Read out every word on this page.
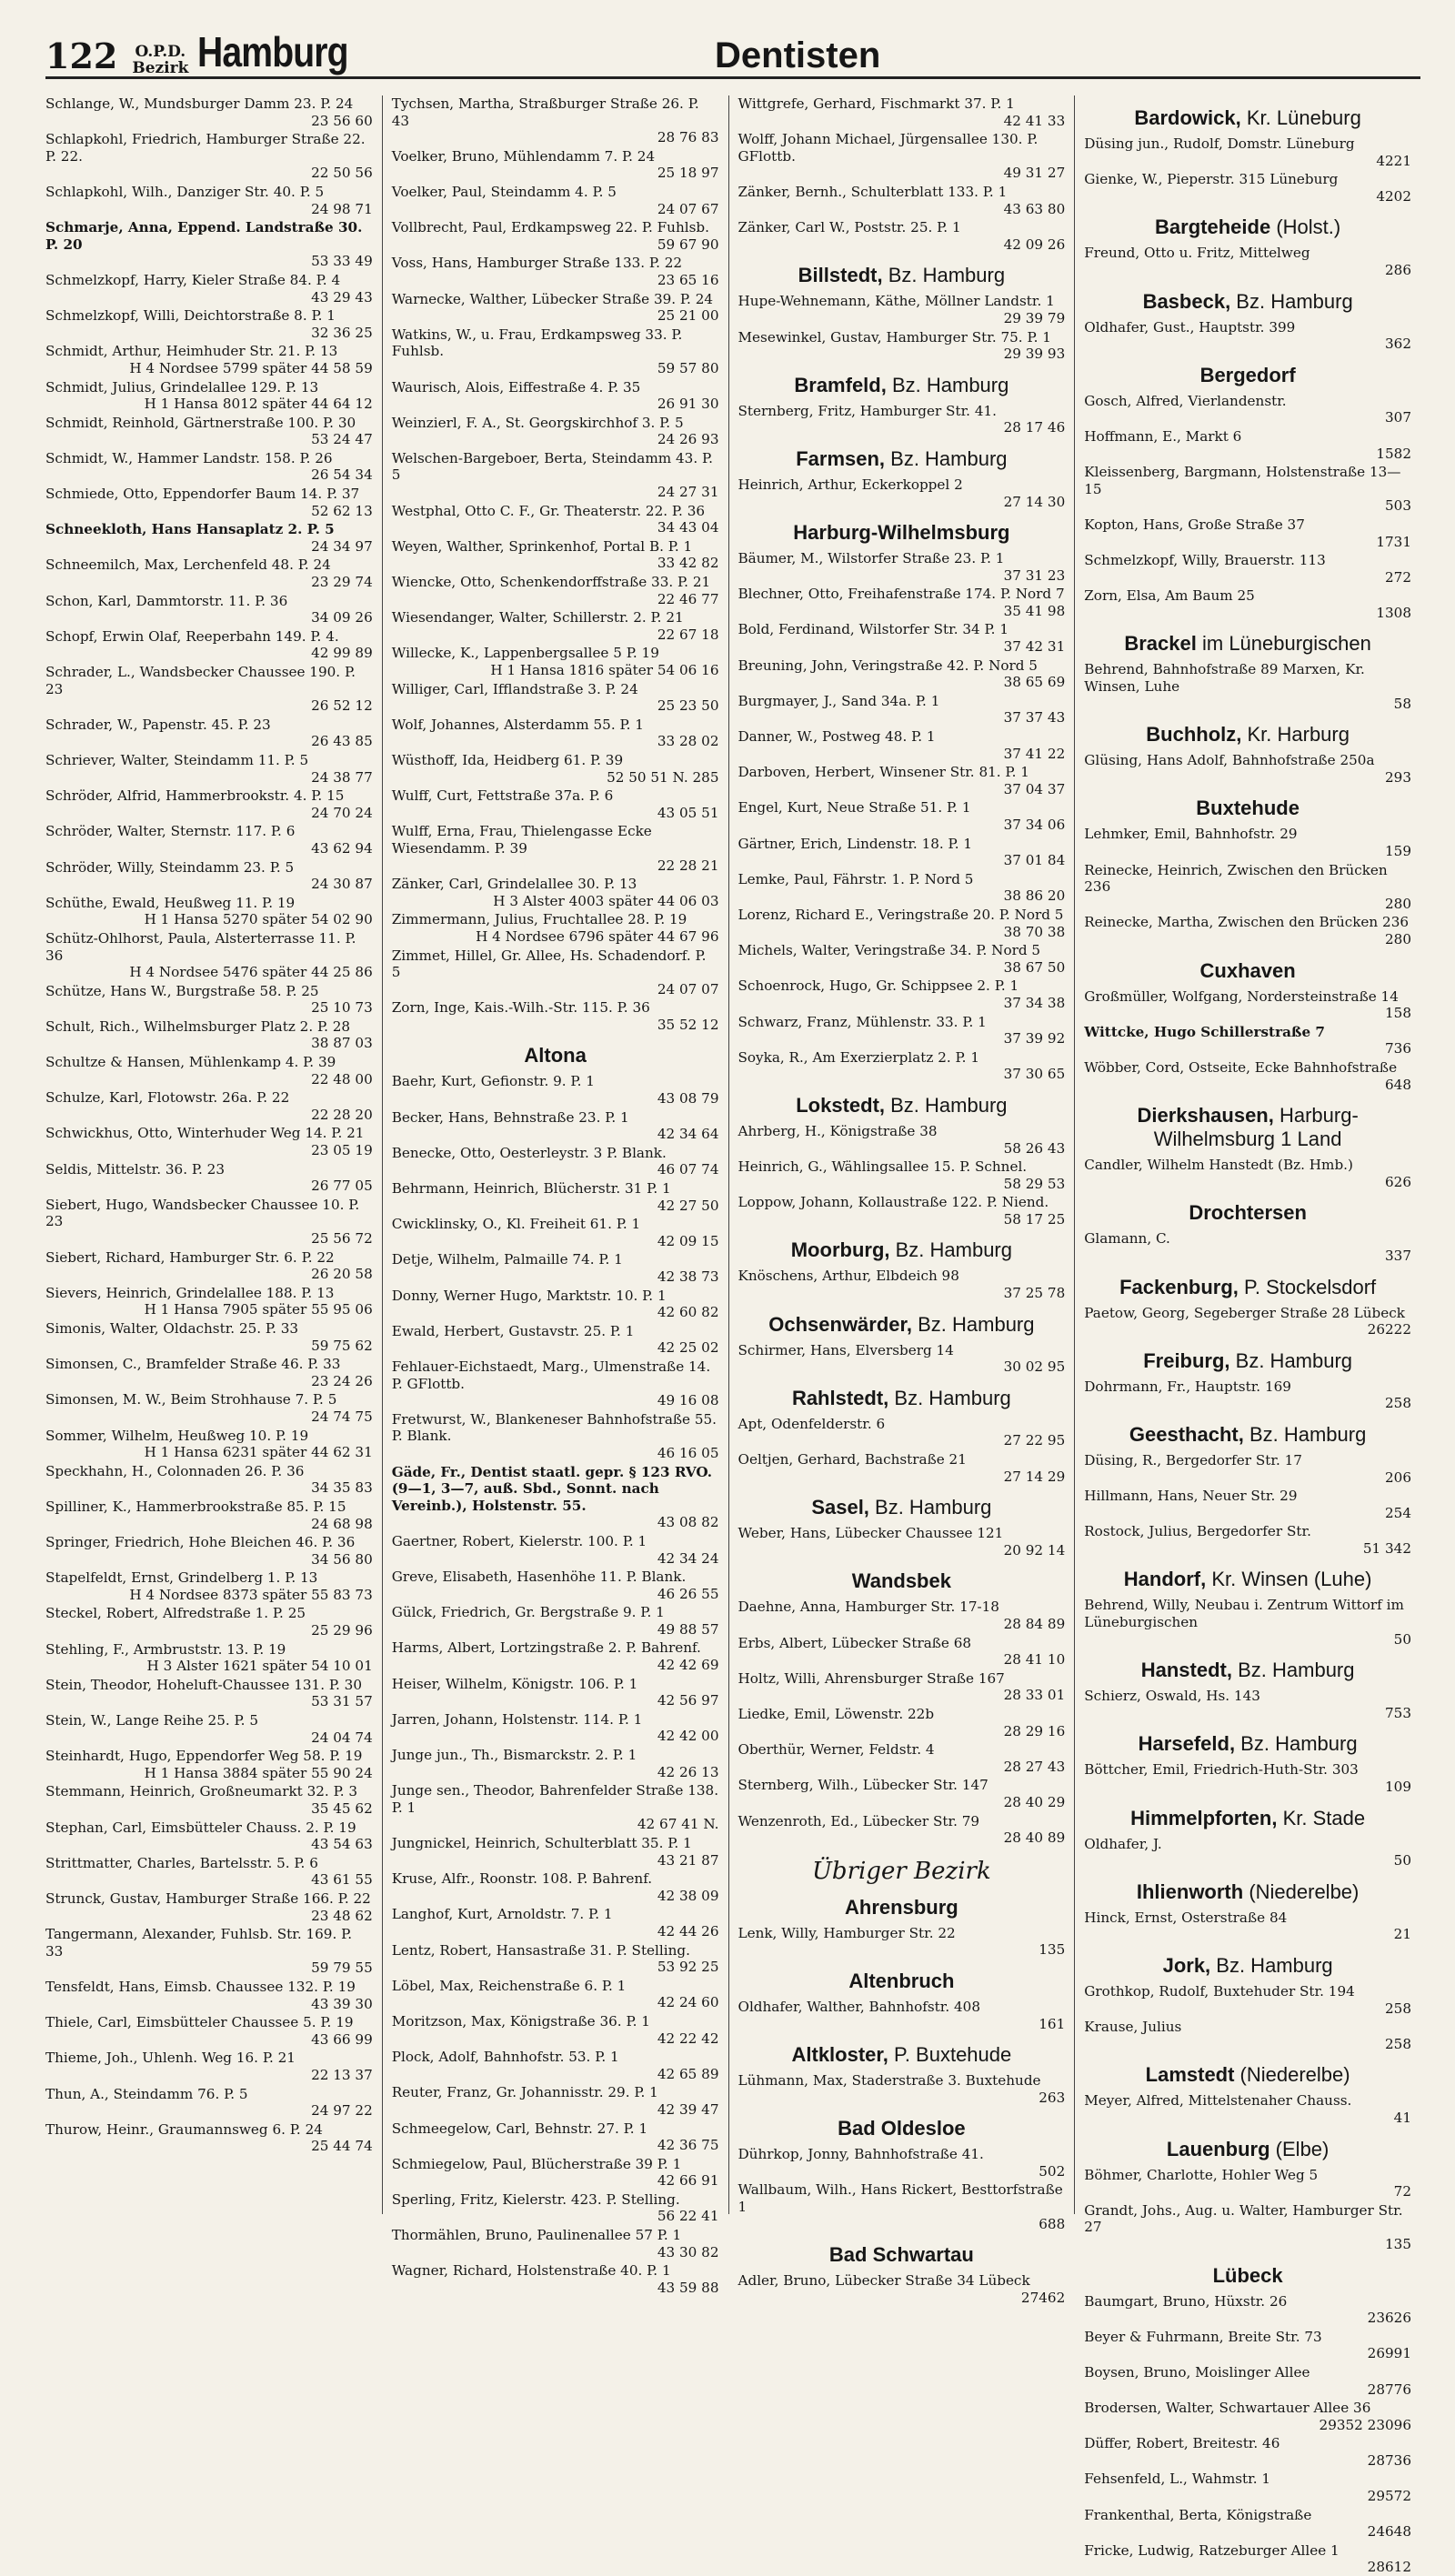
122 O.P.D.
Bezirk Hamburg	Dentisten
Schlange, W., Mundsburger Damm 23. P. 24
23 56 60
Schlapkohl, Friedrich, Hamburger Straße 22. P. 22.
22 50 56
Schlapkohl, Wilh., Danziger Str. 40. P. 5
24 98 71
Schmarje, Anna, Eppend. Landstraße 30. P. 20
53 33 49
Schmelzkopf, Harry, Kieler Straße 84. P. 4
43 29 43
Schmelzkopf, Willi, Deichtorstraße 8. P. 1
32 36 25
Schmidt, Arthur, Heimhuder Str. 21. P. 13
H 4 Nordsee 5799 später 44 58 59
Schmidt, Julius, Grindelallee 129. P. 13
H 1 Hansa 8012 später 44 64 12
Schmidt, Reinhold, Gärtnerstraße 100. P. 30
53 24 47
Schmidt, W., Hammer Landstr. 158. P. 26
26 54 34
Schmiede, Otto, Eppendorfer Baum 14. P. 37
52 62 13
Schneekloth, Hans Hansaplatz 2. P. 5
24 34 97
Schneemilch, Max, Lerchenfeld 48. P. 24
23 29 74
Schon, Karl, Dammtorstr. 11. P. 36
34 09 26
Schopf, Erwin Olaf, Reeperbahn 149. P. 4.
42 99 89
Schrader, L., Wandsbecker Chaussee 190. P. 23
26 52 12
Schrader, W., Papenstr. 45. P. 23
26 43 85
Schriever, Walter, Steindamm 11. P. 5
24 38 77
Schröder, Alfrid, Hammerbrookstr. 4. P. 15
24 70 24
Schröder, Walter, Sternstr. 117. P. 6
43 62 94
Schröder, Willy, Steindamm 23. P. 5
24 30 87
Schüthe, Ewald, Heußweg 11. P. 19
H 1 Hansa 5270 später 54 02 90
Schütz-Ohlhorst, Paula, Alsterterrasse 11. P. 36
H 4 Nordsee 5476 später 44 25 86
Schütze, Hans W., Burgstraße 58. P. 25
25 10 73
Schult, Rich., Wilhelmsburger Platz 2. P. 28
38 87 03
Schultze & Hansen, Mühlenkamp 4. P. 39
22 48 00
Schulze, Karl, Flotowstr. 26a. P. 22
22 28 20
Schwickhus, Otto, Winterhuder Weg 14. P. 21
23 05 19
Seldis, Mittelstr. 36. P. 23
26 77 05
Siebert, Hugo, Wandsbecker Chaussee 10. P. 23
25 56 72
Siebert, Richard, Hamburger Str. 6. P. 22
26 20 58
Sievers, Heinrich, Grindelallee 188. P. 13
H 1 Hansa 7905 später 55 95 06
Simonis, Walter, Oldachstr. 25. P. 33
59 75 62
Simonsen, C., Bramfelder Straße 46. P. 33
23 24 26
Simonsen, M. W., Beim Strohhause 7. P. 5
24 74 75
Sommer, Wilhelm, Heußweg 10. P. 19
H 1 Hansa 6231 später 44 62 31
Speckhahn, H., Colonnaden 26. P. 36
34 35 83
Spilliner, K., Hammerbrookstraße 85. P. 15
24 68 98
Springer, Friedrich, Hohe Bleichen 46. P. 36
34 56 80
Stapelfeldt, Ernst, Grindelberg 1. P. 13
H 4 Nordsee 8373 später 55 83 73
Steckel, Robert, Alfredstraße 1. P. 25
25 29 96
Stehling, F., Armbruststr. 13. P. 19
H 3 Alster 1621 später 54 10 01
Stein, Theodor, Hoheluft-Chaussee 131. P. 30
53 31 57
Stein, W., Lange Reihe 25. P. 5
24 04 74
Steinhardt, Hugo, Eppendorfer Weg 58. P. 19
H 1 Hansa 3884 später 55 90 24
Stemmann, Heinrich, Großneumarkt 32. P. 3
35 45 62
Stephan, Carl, Eimsbütteler Chauss. 2. P. 19
43 54 63
Strittmatter, Charles, Bartelsstr. 5. P. 6
43 61 55
Strunck, Gustav, Hamburger Straße 166. P. 22
23 48 62
Tangermann, Alexander, Fuhlsb. Str. 169. P. 33
59 79 55
Tensfeldt, Hans, Eimsb. Chaussee 132. P. 19
43 39 30
Thiele, Carl, Eimsbütteler Chaussee 5. P. 19
43 66 99
Thieme, Joh., Uhlenh. Weg 16. P. 21
22 13 37
Thun, A., Steindamm 76. P. 5
24 97 22
Thurow, Heinr., Graumannsweg 6. P. 24
25 44 74
Tychsen, Martha, Straßburger Straße 26. P. 43
28 76 83
Voelker, Bruno, Mühlendamm 7. P. 24
25 18 97
Voelker, Paul, Steindamm 4. P. 5
24 07 67
Vollbrecht, Paul, Erdkampsweg 22. P. Fuhlsb.
59 67 90
Voss, Hans, Hamburger Straße 133. P. 22
23 65 16
Warnecke, Walther, Lübecker Straße 39. P. 24
25 21 00
Watkins, W., u. Frau, Erdkampsweg 33. P. Fuhlsb.
59 57 80
Waurisch, Alois, Eiffestraße 4. P. 35
26 91 30
Weinzierl, F. A., St. Georgskirchhof 3. P. 5
24 26 93
Welschen-Bargeboer, Berta, Steindamm 43. P. 5
24 27 31
Westphal, Otto C. F., Gr. Theaterstr. 22. P. 36
34 43 04
Weyen, Walther, Sprinkenhof, Portal B. P. 1
33 42 82
Wiencke, Otto, Schenkendorffstraße 33. P. 21
22 46 77
Wiesendanger, Walter, Schillerstr. 2. P. 21
22 67 18
Willecke, K., Lappenbergsallee 5 P. 19
H 1 Hansa 1816 später 54 06 16
Williger, Carl, Ifflandstraße 3. P. 24
25 23 50
Wolf, Johannes, Alsterdamm 55. P. 1
33 28 02
Wüsthoff, Ida, Heidberg 61. P. 39
52 50 51 N. 285
Wulff, Curt, Fettstraße 37a. P. 6
43 05 51
Wulff, Erna, Frau, Thielengasse Ecke Wiesendamm. P. 39
22 28 21
Zänker, Carl, Grindelallee 30. P. 13
H 3 Alster 4003 später 44 06 03
Zimmermann, Julius, Fruchtallee 28. P. 19
H 4 Nordsee 6796 später 44 67 96
Zimmet, Hillel, Gr. Allee, Hs. Schadendorf. P. 5
24 07 07
Zorn, Inge, Kais.-Wilh.-Str. 115. P. 36
35 52 12
Altona
Baehr, Kurt, Gefionstr. 9. P. 1
43 08 79
Becker, Hans, Behnstraße 23. P. 1
42 34 64
Benecke, Otto, Oesterleystr. 3 P. Blank.
46 07 74
Behrmann, Heinrich, Blücherstr. 31 P. 1
42 27 50
Cwicklinsky, O., Kl. Freiheit 61. P. 1
42 09 15
Detje, Wilhelm, Palmaille 74. P. 1
42 38 73
Donny, Werner Hugo, Marktstr. 10. P. 1
42 60 82
Ewald, Herbert, Gustavstr. 25. P. 1
42 25 02
Fehlauer-Eichstaedt, Marg., Ulmenstraße 14. P. GFlottb.
49 16 08
Fretwurst, W., Blankeneser Bahnhofstraße 55. P. Blank.
46 16 05
Gäde, Fr., Dentist staatl. gepr. § 123 RVO. (9—1, 3—7, auß. Sbd., Sonnt. nach Vereinb.), Holstenstr. 55.
43 08 82
Gaertner, Robert, Kielerstr. 100. P. 1
42 34 24
Greve, Elisabeth, Hasenhöhe 11. P. Blank.
46 26 55
Gülck, Friedrich, Gr. Bergstraße 9. P. 1
49 88 57
Harms, Albert, Lortzingstraße 2. P. Bahrenf.
42 42 69
Heiser, Wilhelm, Königstr. 106. P. 1
42 56 97
Jarren, Johann, Holstenstr. 114. P. 1
42 42 00
Junge jun., Th., Bismarckstr. 2. P. 1
42 26 13
Junge sen., Theodor, Bahrenfelder Straße 138. P. 1
42 67 41 N.
Jungnickel, Heinrich, Schulterblatt 35. P. 1
43 21 87
Kruse, Alfr., Roonstr. 108. P. Bahrenf.
42 38 09
Langhof, Kurt, Arnoldstr. 7. P. 1
42 44 26
Lentz, Robert, Hansastraße 31. P. Stelling.
53 92 25
Löbel, Max, Reichenstraße 6. P. 1
42 24 60
Moritzson, Max, Königstraße 36. P. 1
42 22 42
Plock, Adolf, Bahnhofstr. 53. P. 1
42 65 89
Reuter, Franz, Gr. Johannisstr. 29. P. 1
42 39 47
Schmeegelow, Carl, Behnstr. 27. P. 1
42 36 75
Schmiegelow, Paul, Blücherstraße 39 P. 1
42 66 91
Sperling, Fritz, Kielerstr. 423. P. Stelling.
56 22 41
Thormählen, Bruno, Paulinenallee 57 P. 1
43 30 82
Wagner, Richard, Holstenstraße 40. P. 1
43 59 88
Wittgrefe, Gerhard, Fischmarkt 37. P. 1
42 41 33
Wolff, Johann Michael, Jürgensallee 130. P. GFlottb.
49 31 27
Zänker, Bernh., Schulterblatt 133. P. 1
43 63 80
Zänker, Carl W., Poststr. 25. P. 1
42 09 26
Billstedt, Bz. Hamburg
Hupe-Wehnemann, Käthe, Möllner Landstr. 1
29 39 79
Mesewinkel, Gustav, Hamburger Str. 75. P. 1
29 39 93
Bramfeld, Bz. Hamburg
Sternberg, Fritz, Hamburger Str. 41.
28 17 46
Farmsen, Bz. Hamburg
Heinrich, Arthur, Eckerkoppel 2
27 14 30
Harburg-Wilhelmsburg
Bäumer, M., Wilstorfer Straße 23. P. 1
37 31 23
Blechner, Otto, Freihafenstraße 174. P. Nord 7
35 41 98
Bold, Ferdinand, Wilstorfer Str. 34 P. 1
37 42 31
Breuning, John, Veringstraße 42. P. Nord 5
38 65 69
Burgmayer, J., Sand 34a. P. 1
37 37 43
Danner, W., Postweg 48. P. 1
37 41 22
Darboven, Herbert, Winsener Str. 81. P. 1
37 04 37
Engel, Kurt, Neue Straße 51. P. 1
37 34 06
Gärtner, Erich, Lindenstr. 18. P. 1
37 01 84
Lemke, Paul, Fährstr. 1. P. Nord 5
38 86 20
Lorenz, Richard E., Veringstraße 20. P. Nord 5
38 70 38
Michels, Walter, Veringstraße 34. P. Nord 5
38 67 50
Schoenrock, Hugo, Gr. Schippsee 2. P. 1
37 34 38
Schwarz, Franz, Mühlenstr. 33. P. 1
37 39 92
Soyka, R., Am Exerzierplatz 2. P. 1
37 30 65
Lokstedt, Bz. Hamburg
Ahrberg, H., Königstraße 38
58 26 43
Heinrich, G., Wählingsallee 15. P. Schnel.
58 29 53
Loppow, Johann, Kollaustraße 122. P. Niend.
58 17 25
Moorburg, Bz. Hamburg
Knöschens, Arthur, Elbdeich 98
37 25 78
Ochsenwärder, Bz. Hamburg
Schirmer, Hans, Elversberg 14
30 02 95
Rahlstedt, Bz. Hamburg
Apt, Odenfelderstr. 6
27 22 95
Oeltjen, Gerhard, Bachstraße 21
27 14 29
Sasel, Bz. Hamburg
Weber, Hans, Lübecker Chaussee 121
20 92 14
Wandsbek
Daehne, Anna, Hamburger Str. 17-18
28 84 89
Erbs, Albert, Lübecker Straße 68
28 41 10
Holtz, Willi, Ahrensburger Straße 167
28 33 01
Liedke, Emil, Löwenstr. 22b
28 29 16
Oberthür, Werner, Feldstr. 4
28 27 43
Sternberg, Wilh., Lübecker Str. 147
28 40 29
Wenzenroth, Ed., Lübecker Str. 79
28 40 89
Übriger Bezirk
Ahrensburg
Lenk, Willy, Hamburger Str. 22
135
Altenbruch
Oldhafer, Walther, Bahnhofstr. 408
161
Altkloster, P. Buxtehude
Lühmann, Max, Staderstraße 3. Buxtehude
263
Bad Oldesloe
Dührkop, Jonny, Bahnhofstraße 41.
502
Wallbaum, Wilh., Hans Rickert, Besttorfstraße 1
688
Bad Schwartau
Adler, Bruno, Lübecker Straße 34 Lübeck
27462
Bardowick, Kr. Lüneburg
Düsing jun., Rudolf, Domstr. Lüneburg
4221
Gienke, W., Pieperstr. 315 Lüneburg
4202
Bargteheide (Holst.)
Freund, Otto u. Fritz, Mittelweg
286
Basbeck, Bz. Hamburg
Oldhafer, Gust., Hauptstr. 399
362
Bergedorf
Gosch, Alfred, Vierlandenstr.
307
Hoffmann, E., Markt 6
1582
Kleissenberg, Bargmann, Holstenstraße 13—15
503
Kopton, Hans, Große Straße 37
1731
Schmelzkopf, Willy, Brauerstr. 113
272
Zorn, Elsa, Am Baum 25
1308
Brackel im Lüneburgischen
Behrend, Bahnhofstraße 89 Marxen, Kr. Winsen, Luhe
58
Buchholz, Kr. Harburg
Glüsing, Hans Adolf, Bahnhofstraße 250a
293
Buxtehude
Lehmker, Emil, Bahnhofstr. 29
159
Reinecke, Heinrich, Zwischen den Brücken 236
280
Reinecke, Martha, Zwischen den Brücken 236
280
Cuxhaven
Großmüller, Wolfgang, Nordersteinstraße 14
158
Wittcke, Hugo Schillerstraße 7
736
Wöbber, Cord, Ostseite, Ecke Bahnhofstraße
648
Dierkshausen, Harburg-Wilhelmsburg 1 Land
Candler, Wilhelm Hanstedt (Bz. Hmb.)
626
Drochtersen
Glamann, C.
337
Fackenburg, P. Stockelsdorf
Paetow, Georg, Segeberger Straße 28 Lübeck
26222
Freiburg, Bz. Hamburg
Dohrmann, Fr., Hauptstr. 169
258
Geesthacht, Bz. Hamburg
Düsing, R., Bergedorfer Str. 17
206
Hillmann, Hans, Neuer Str. 29
254
Rostock, Julius, Bergedorfer Str.
51 342
Handorf, Kr. Winsen (Luhe)
Behrend, Willy, Neubau i. Zentrum Wittorf im Lüneburgischen
50
Hanstedt, Bz. Hamburg
Schierz, Oswald, Hs. 143
753
Harsefeld, Bz. Hamburg
Böttcher, Emil, Friedrich-Huth-Str. 303
109
Himmelpforten, Kr. Stade
Oldhafer, J.
50
Ihlienworth (Niederelbe)
Hinck, Ernst, Osterstraße 84
21
Jork, Bz. Hamburg
Grothkop, Rudolf, Buxtehuder Str. 194
258
Krause, Julius
258
Lamstedt (Niederelbe)
Meyer, Alfred, Mittelstenaher Chauss.
41
Lauenburg (Elbe)
Böhmer, Charlotte, Hohler Weg 5
72
Grandt, Johs., Aug. u. Walter, Hamburger Str. 27
135
Lübeck
Baumgart, Bruno, Hüxstr. 26
23626
Beyer & Fuhrmann, Breite Str. 73
26991
Boysen, Bruno, Moislinger Allee
28776
Brodersen, Walter, Schwartauer Allee 36
29352 23096
Düffer, Robert, Breitestr. 46
28736
Fehsenfeld, L., Wahmstr. 1
29572
Frankenthal, Berta, Königstraße
24648
Fricke, Ludwig, Ratzeburger Allee 1
28612
